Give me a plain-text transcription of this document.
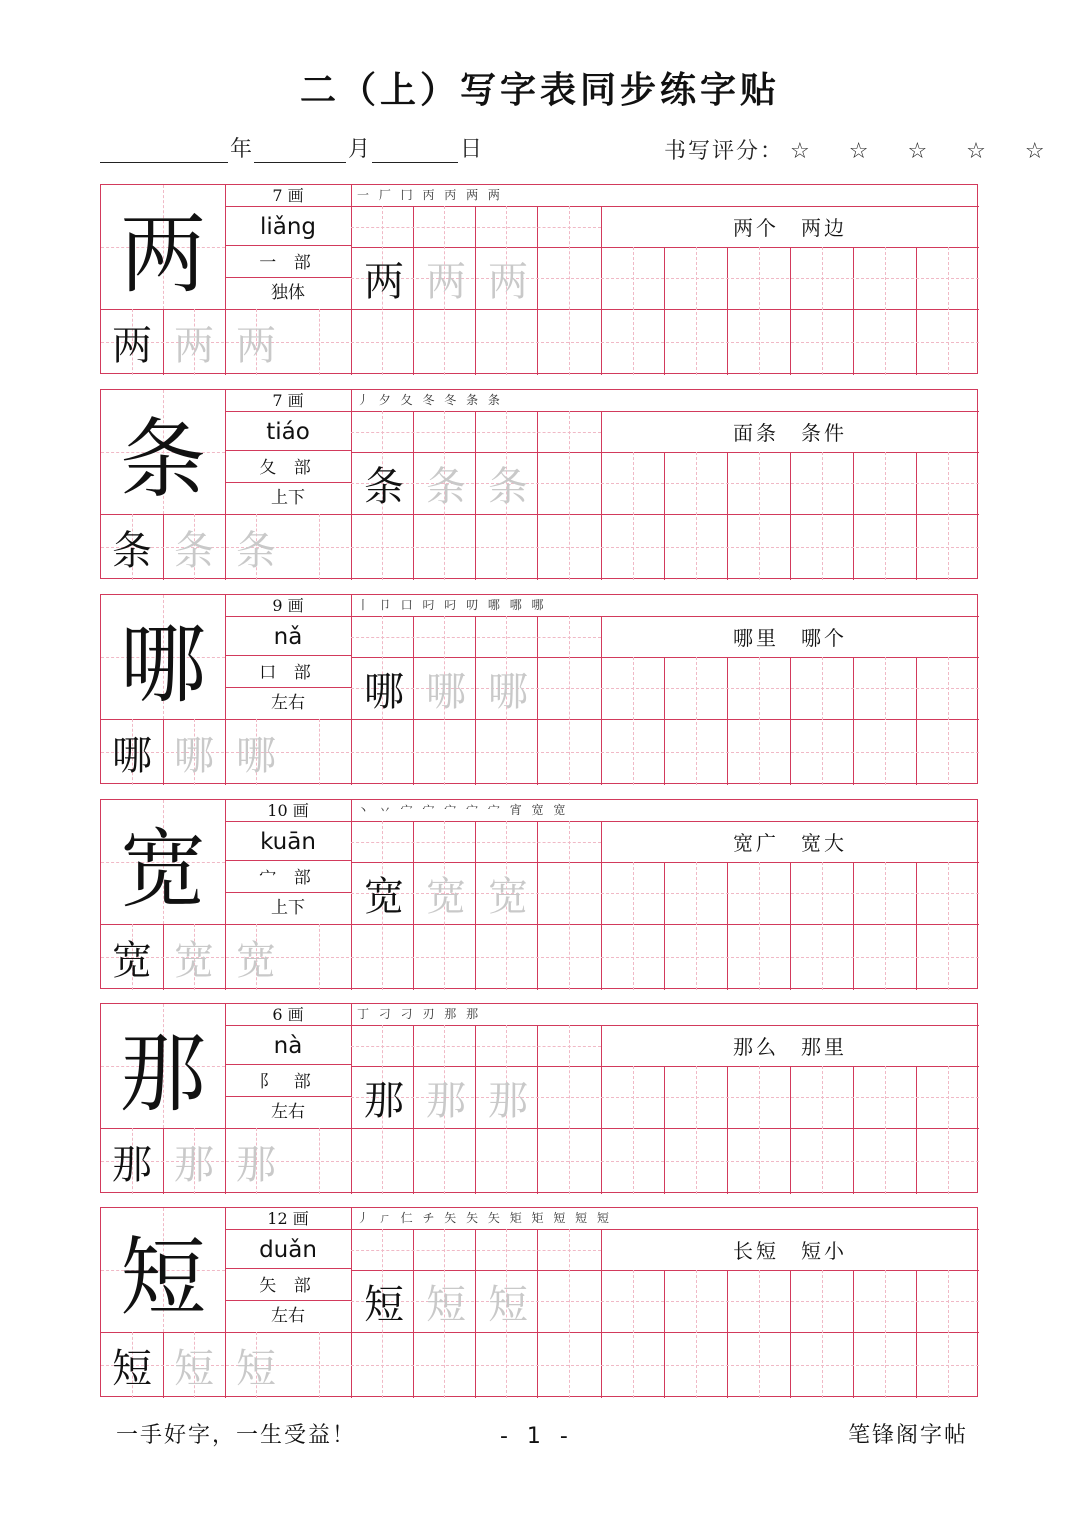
二（上）写字表同步练字贴
年	月	日	书写评分： ☆ ☆ ☆ ☆ ☆
两
7 画
liǎng
一 部
独体
一 厂 冂 丙 丙 两 两
两个 两边
两 两 两
两 两 两
条
7 画
tiáo
夂 部
上下
丿 夕 夂 冬 冬 条 条
面条 条件
条 条 条
条 条 条
哪
9 画
nǎ
口 部
左右
丨 卩 口 叼 叼 叨 哪 哪 哪
哪里 哪个
哪 哪 哪
哪 哪 哪
宽
10 画
kuān
宀 部
上下
丶 丷 宀 宀 宀 宀 宀 宵 宽 宽
宽广 宽大
宽 宽 宽
宽 宽 宽
那
6 画
nà
阝 部
左右
丁 刁 刁 刃 那 那
那么 那里
那 那 那
那 那 那
短
12 画
duǎn
矢 部
左右
丿 ㄏ 仁 チ 矢 矢 矢 矩 矩 短 短 短
长短 短小
短 短 短
短 短 短
一手好字，一生受益！	- 1 -	笔锋阁字帖
